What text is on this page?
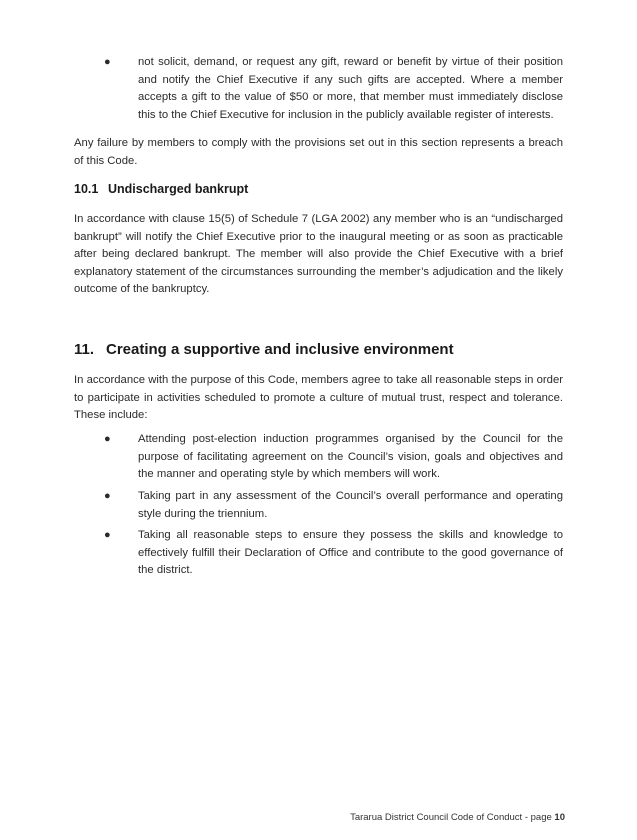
● not solicit, demand, or request any gift, reward or benefit by virtue of their position and notify the Chief Executive if any such gifts are accepted. Where a member accepts a gift to the value of $50 or more, that member must immediately disclose this to the Chief Executive for inclusion in the publicly available register of interests.
Any failure by members to comply with the provisions set out in this section represents a breach of this Code.
10.1 Undischarged bankrupt
In accordance with clause 15(5) of Schedule 7 (LGA 2002) any member who is an “undischarged bankrupt” will notify the Chief Executive prior to the inaugural meeting or as soon as practicable after being declared bankrupt. The member will also provide the Chief Executive with a brief explanatory statement of the circumstances surrounding the member’s adjudication and the likely outcome of the bankruptcy.
11. Creating a supportive and inclusive environment
In accordance with the purpose of this Code, members agree to take all reasonable steps in order to participate in activities scheduled to promote a culture of mutual trust, respect and tolerance. These include:
● Attending post-election induction programmes organised by the Council for the purpose of facilitating agreement on the Council’s vision, goals and objectives and the manner and operating style by which members will work.
● Taking part in any assessment of the Council’s overall performance and operating style during the triennium.
● Taking all reasonable steps to ensure they possess the skills and knowledge to effectively fulfill their Declaration of Office and contribute to the good governance of the district.
Tararua District Council Code of Conduct - page 10
